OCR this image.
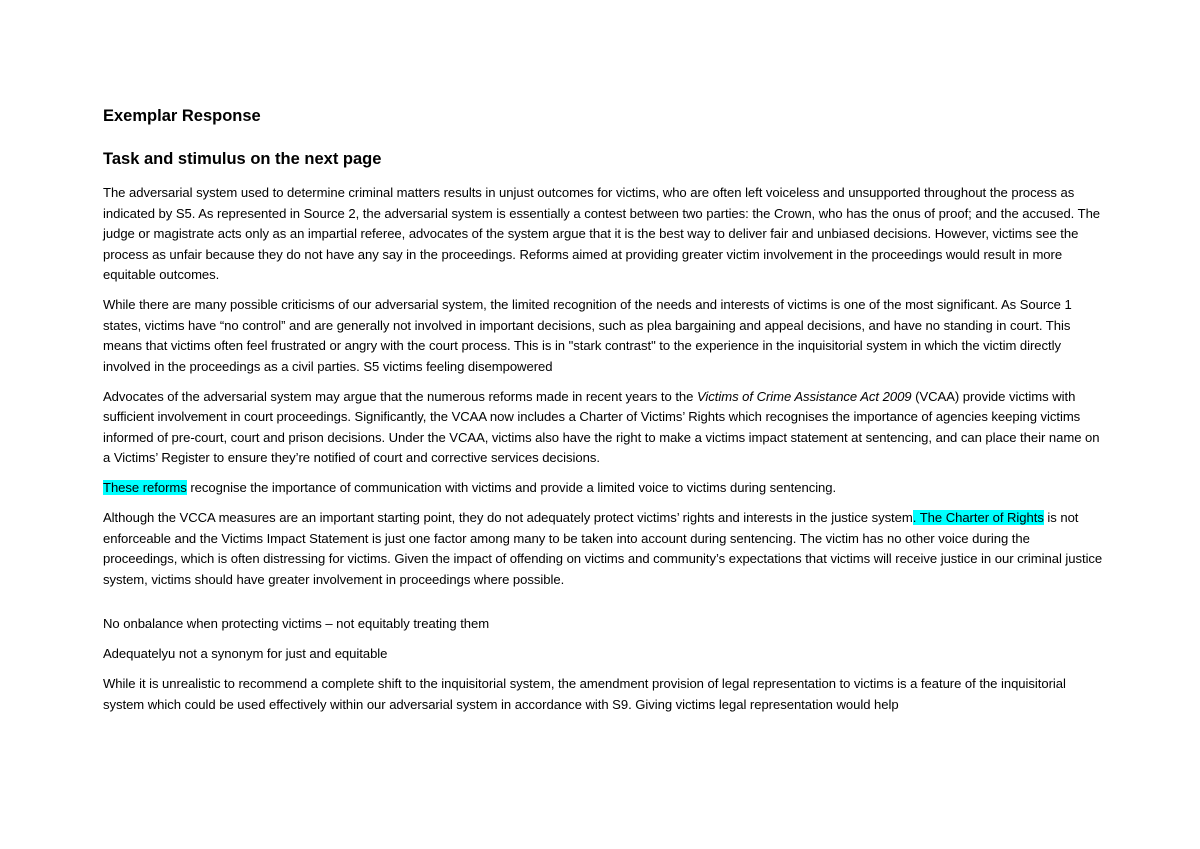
Exemplar Response
Task and stimulus on the next page

The adversarial system used to determine criminal matters results in unjust outcomes for victims, who are often left voiceless and unsupported throughout the process as indicated by S5. As represented in Source 2, the adversarial system is essentially a contest between two parties: the Crown, who has the onus of proof; and the accused. The judge or magistrate acts only as an impartial referee, advocates of the system argue that it is the best way to deliver fair and unbiased decisions. However, victims see the process as unfair because they do not have any say in the proceedings. Reforms aimed at providing greater victim involvement in the proceedings would result in more equitable outcomes.

While there are many possible criticisms of our adversarial system, the limited recognition of the needs and interests of victims is one of the most significant. As Source 1 states, victims have “no control” and are generally not involved in important decisions, such as plea bargaining and appeal decisions, and have no standing in court. This means that victims often feel frustrated or angry with the court process. This is in "stark contrast" to the experience in the inquisitorial system in which the victim directly involved in the proceedings as a civil parties. S5 victims feeling disempowered

Advocates of the adversarial system may argue that the numerous reforms made in recent years to the Victims of Crime Assistance Act 2009 (VCAA) provide victims with sufficient involvement in court proceedings. Significantly, the VCAA now includes a Charter of Victims’ Rights which recognises the importance of agencies keeping victims informed of pre-court, court and prison decisions. Under the VCAA, victims also have the right to make a victims impact statement at sentencing, and can place their name on a Victims’ Register to ensure they’re notified of court and corrective services decisions.

These reforms recognise the importance of communication with victims and provide a limited voice to victims during sentencing.

Although the VCCA measures are an important starting point, they do not adequately protect victims’ rights and interests in the justice system. The Charter of Rights is not enforceable and the Victims Impact Statement is just one factor among many to be taken into account during sentencing. The victim has no other voice during the proceedings, which is often distressing for victims. Given the impact of offending on victims and community’s expectations that victims will receive justice in our criminal justice system, victims should have greater involvement in proceedings where possible.

No onbalance when protecting victims – not equitably treating them

Adequatelyu not a synonym for just and equitable

While it is unrealistic to recommend a complete shift to the inquisitorial system, the amendment provision of legal representation to victims is a feature of the inquisitorial system which could be used effectively within our adversarial system in accordance with S9. Giving victims legal representation would help
